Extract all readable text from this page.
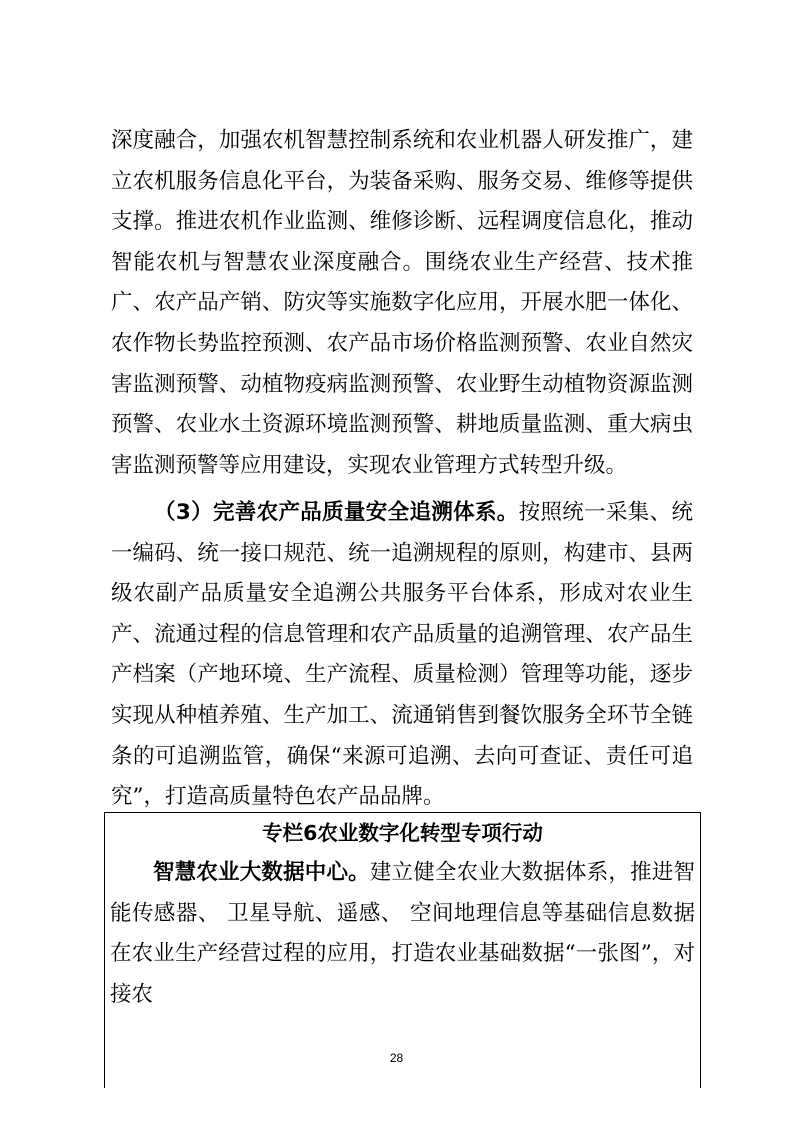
深度融合，加强农机智慧控制系统和农业机器人研发推广，建立农机服务信息化平台，为装备采购、服务交易、维修等提供支撑。推进农机作业监测、维修诊断、远程调度信息化，推动智能农机与智慧农业深度融合。围绕农业生产经营、技术推广、农产品产销、防灾等实施数字化应用，开展水肥一体化、农作物长势监控预测、农产品市场价格监测预警、农业自然灾害监测预警、动植物疫病监测预警、农业野生动植物资源监测预警、农业水土资源环境监测预警、耕地质量监测、重大病虫害监测预警等应用建设，实现农业管理方式转型升级。

（3）完善农产品质量安全追溯体系。按照统一采集、统一编码、统一接口规范、统一追溯规程的原则，构建市、县两级农副产品质量安全追溯公共服务平台体系，形成对农业生产、流通过程的信息管理和农产品质量的追溯管理、农产品生产档案（产地环境、生产流程、质量检测）管理等功能，逐步实现从种植养殖、生产加工、流通销售到餐饮服务全环节全链条的可追溯监管，确保“来源可追溯、去向可查证、责任可追究”，打造高质量特色农产品品牌。

专栏6农业数字化转型专项行动

智慧农业大数据中心。建立健全农业大数据体系，推进智能传感器、 卫星导航、遥感、 空间地理信息等基础信息数据在农业生产经营过程的应用，打造农业基础数据“一张图”，对接农

28
